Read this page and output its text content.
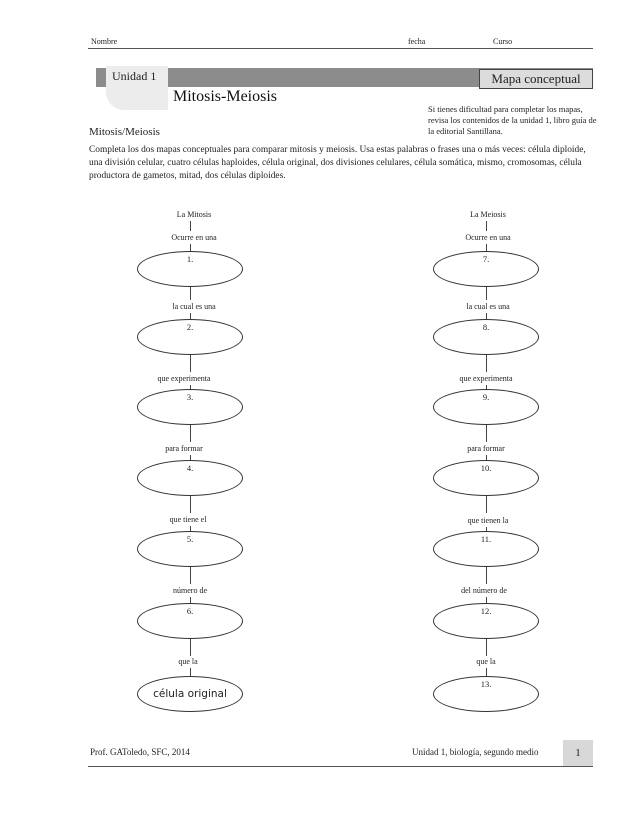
Nombre	fecha	Curso
Unidad 1	Mapa conceptual
Mitosis-Meiosis
Si tienes dificultad para completar los mapas, revisa los contenidos de la unidad 1, libro guía de la editorial Santillana.
Mitosis/Meiosis
Completa los dos mapas conceptuales para comparar mitosis y meiosis. Usa estas palabras o frases una o más veces: célula diploide, una división celular, cuatro células haploides, célula original, dos divisiones celulares, célula somática, mismo, cromosomas, célula productora de gametos, mitad, dos células diploides.
La Mitosis
Ocurre en una
1.
la cual es una
2.
que experimenta
3.
para formar
4.
que tiene el
5.
número de
6.
que la
célula original
La Meiosis
Ocurre en una
7.
la cual es una
8.
que experimenta
9.
para formar
10.
que tienen la
11.
del número de
12.
que la
13.
Prof. GAToledo, SFC, 2014	Unidad 1, biología, segundo medio	1
